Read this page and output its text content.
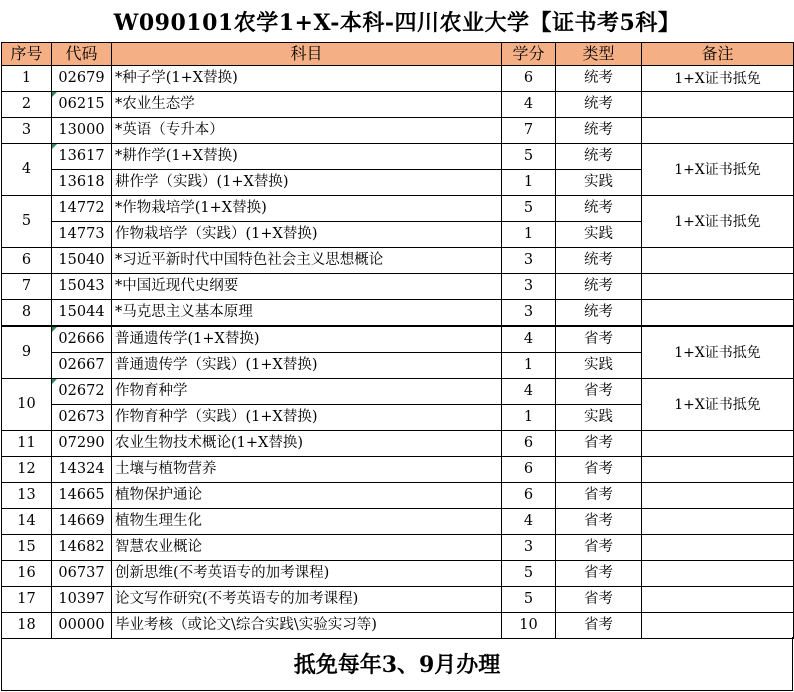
W090101农学1+X-本科-四川农业大学【证书考5科】
序号	代码	科目	学分	类型	备注
1	02679	*种子学(1+X替换)	6	统考	1+X证书抵免
2	06215	*农业生态学	4	统考	
3	13000	*英语（专升本）	7	统考	
4	13617	*耕作学(1+X替换)	5	统考	1+X证书抵免
	13618	耕作学（实践）(1+X替换)	1	实践	
5	14772	*作物栽培学(1+X替换)	5	统考	1+X证书抵免
	14773	作物栽培学（实践）(1+X替换)	1	实践	
6	15040	*习近平新时代中国特色社会主义思想概论	3	统考	
7	15043	*中国近现代史纲要	3	统考	
8	15044	*马克思主义基本原理	3	统考	
9	02666	普通遗传学(1+X替换)	4	省考	1+X证书抵免
	02667	普通遗传学（实践）(1+X替换)	1	实践	
10	02672	作物育种学	4	省考	1+X证书抵免
	02673	作物育种学（实践）(1+X替换)	1	实践	
11	07290	农业生物技术概论(1+X替换)	6	省考	
12	14324	土壤与植物营养	6	省考	
13	14665	植物保护通论	6	省考	
14	14669	植物生理生化	4	省考	
15	14682	智慧农业概论	3	省考	
16	06737	创新思维(不考英语专的加考课程)	5	省考	
17	10397	论文写作研究(不考英语专的加考课程)	5	省考	
18	00000	毕业考核（或论文\综合实践\实验实习等)	10	省考	
抵免每年3、9月办理
